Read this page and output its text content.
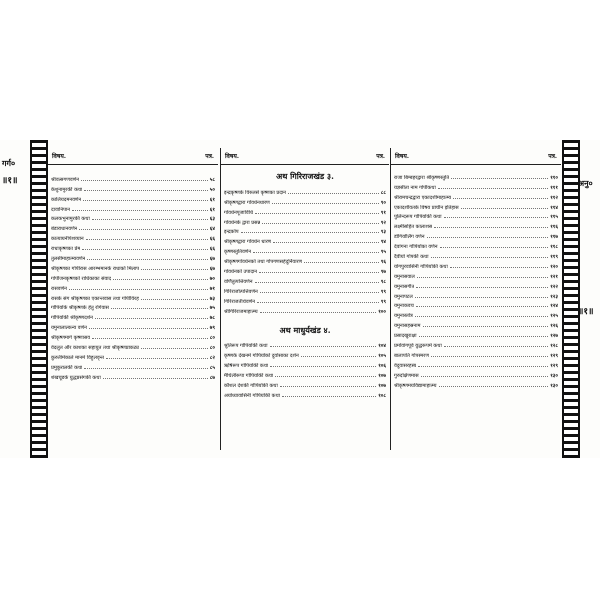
गर्ग०
॥१॥	अनु०
॥१॥
विषय.	पत्र.
श्रीवत्सगणवर्णन	५८
केशुनामुरकी कथा	५०
कालियदमनवर्णन	६१
दावानिपान	६१
कलकभुनामुरकी कथा	६३
बंडाराधानवर्णन	६४
कात्यायनीपेशव्यान	६६
राधाकृष्णका प्रेम	६६
तुलसीमाहात्म्यवर्णन	६७
श्रीकृष्णका गोपीरास आरम्भमानके राधाको मिलाप	६७
गोपीजनकृष्णको राधिकाका संवाद	७०
रासवर्णन	७१
रासके संग श्रीकृष्णका एकान्तवास तथा गोपीविरह	७३
गोपियोंके श्रीकृष्णके हेतु रोगेवास	७५
गोपियोंकी श्रीकृष्णदर्शन	७८
यमुनालाल्कन्य वर्णन	७९
श्रीकृष्णमार्ग कृष्णासव	८०
वेदलुत और काशका सहायुत तथा श्रीकृष्णप्राकट्य	८०
कुरुतीमेकाले मानमे विहुलवृन्त	८२
प्रमुकुरालकी कथा	८५
शंखचूडके युद्धप्रसंगकी कथा	८७
विषय.	पत्र.
अथ गिरिराजखंड ३.
इन्द्रकृष्णके विरुलसे कृष्णका प्रदान	८८
श्रीकृष्णद्वारा गोवर्धनधारण	९०
गोवर्धनपूजाविधि	९१
गोवर्धनके द्वारा प्रसन्न	९२
इन्द्रकोप	९३
श्रीकृष्णद्वारा गोवर्धन धारण	९४
कृष्णस्तुतिवर्णन	९५
श्रीकृष्णगोवर्धनको तथा गोपगणसहेदुर्निवारण	९६
गोवर्धनको उपादान	९७
वर्णितुत्पत्तिवर्णन	९८
गिरिराजोत्पत्तिवर्णन	९९
गिरिराजतीर्थवर्णन	९९
श्रीगिरिराजमाहात्म्य	१००
अथ माधुर्यखंड ४.
श्रुतिरूप गोपियोंकी कथा	१०४
कृष्णके देखनमे गोपियोंको दुर्वासाका दर्शन	१०५
ऋषिरूप गोपियोंकी कथा	१०६
मैथिलीरूपा गोपियोंकी कथा	१०७
कौशल देशकी गोपियोंकी कथा	१०७
अयोध्यावासिनी गोपियोंकी कथा	१०८
विषय.	पत्र.
राजा बिम्बहरद्वारा श्रीकृष्णस्तुति	११०
यज्ञसीता नाम गोपीकथा	१११
श्रीरामचन्द्रद्वारा एकादशीमाहात्म्य	११२
एकादशीवतके विषय प्राचीन इतिहास	११४
पुलिन्दरूप गोपियोंकी कथा	११५
लक्ष्मीसहित कालाशस	११६
डोगियोलिंग वर्णन	११७
देवांगना गोपियोंका वर्णन	११८
दैवीयो गोपकी कथा	११९
योगपुरवासिनी गोपियोंकी कथा	१२०
यमुनासवाल	१२१
यमुनासगीत	१२२
यमुनापटल	१२३
यमुनाकवच	१२४
यमुनास्तोत्र	१२५
यमुनासहस्रनाम	१२६
प्रसादखुराक्षा	१२७
प्रमोवांगपूर्व युद्धरूपमे कथा	१२८
बालापति गोपस्मरण	१२९
वेदुवासरहस्य	१२९
गुरुदक्षिणमास	१३०
श्रीकृष्णमयविद्यामाहात्म्य	१३०
